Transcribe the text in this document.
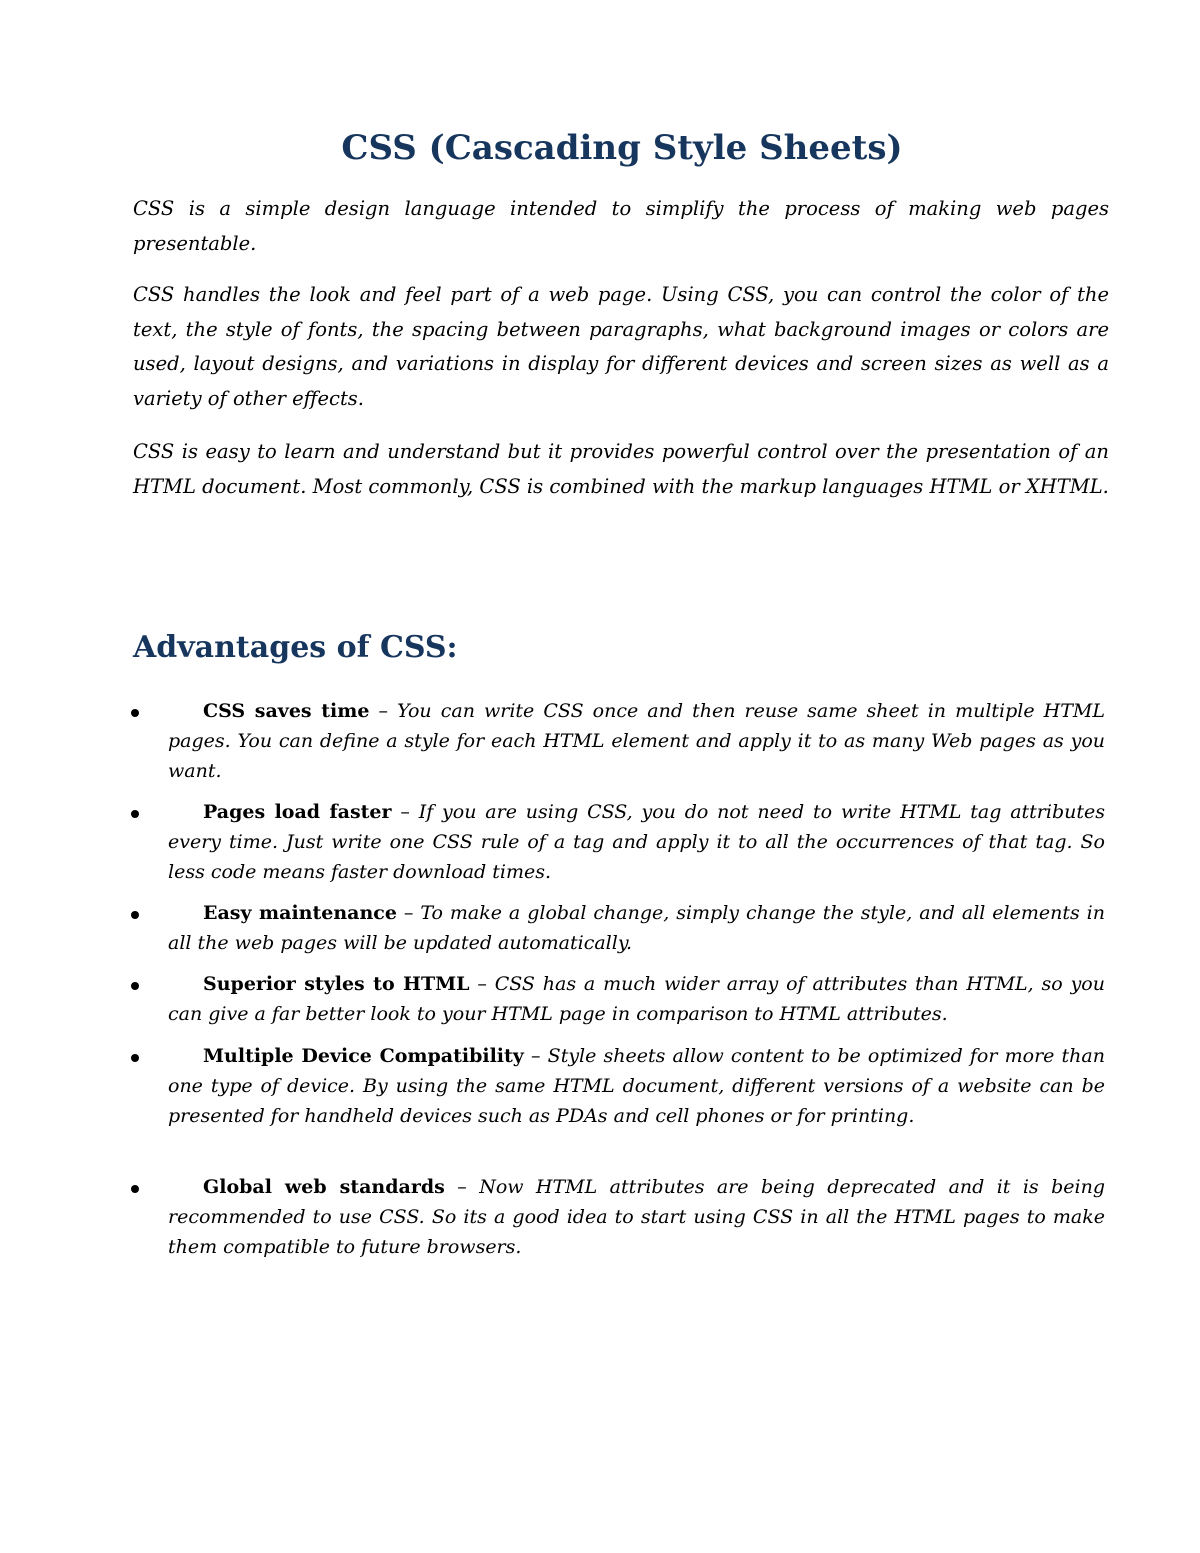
CSS (Cascading Style Sheets)

CSS is a simple design language intended to simplify the process of making web pages presentable.

CSS handles the look and feel part of a web page. Using CSS, you can control the color of the text, the style of fonts, the spacing between paragraphs, what background images or colors are used, layout designs, and variations in display for different devices and screen sizes as well as a variety of other effects.

CSS is easy to learn and understand but it provides powerful control over the presentation of an HTML document. Most commonly, CSS is combined with the markup languages HTML or XHTML.

Advantages of CSS:
CSS saves time – You can write CSS once and then reuse same sheet in multiple HTML pages. You can define a style for each HTML element and apply it to as many Web pages as you want.
Pages load faster – If you are using CSS, you do not need to write HTML tag attributes every time. Just write one CSS rule of a tag and apply it to all the occurrences of that tag. So less code means faster download times.
Easy maintenance – To make a global change, simply change the style, and all elements in all the web pages will be updated automatically.
Superior styles to HTML – CSS has a much wider array of attributes than HTML, so you can give a far better look to your HTML page in comparison to HTML attributes.
Multiple Device Compatibility – Style sheets allow content to be optimized for more than one type of device. By using the same HTML document, different versions of a website can be presented for handheld devices such as PDAs and cell phones or for printing.
Global web standards – Now HTML attributes are being deprecated and it is being recommended to use CSS. So its a good idea to start using CSS in all the HTML pages to make them compatible to future browsers.
